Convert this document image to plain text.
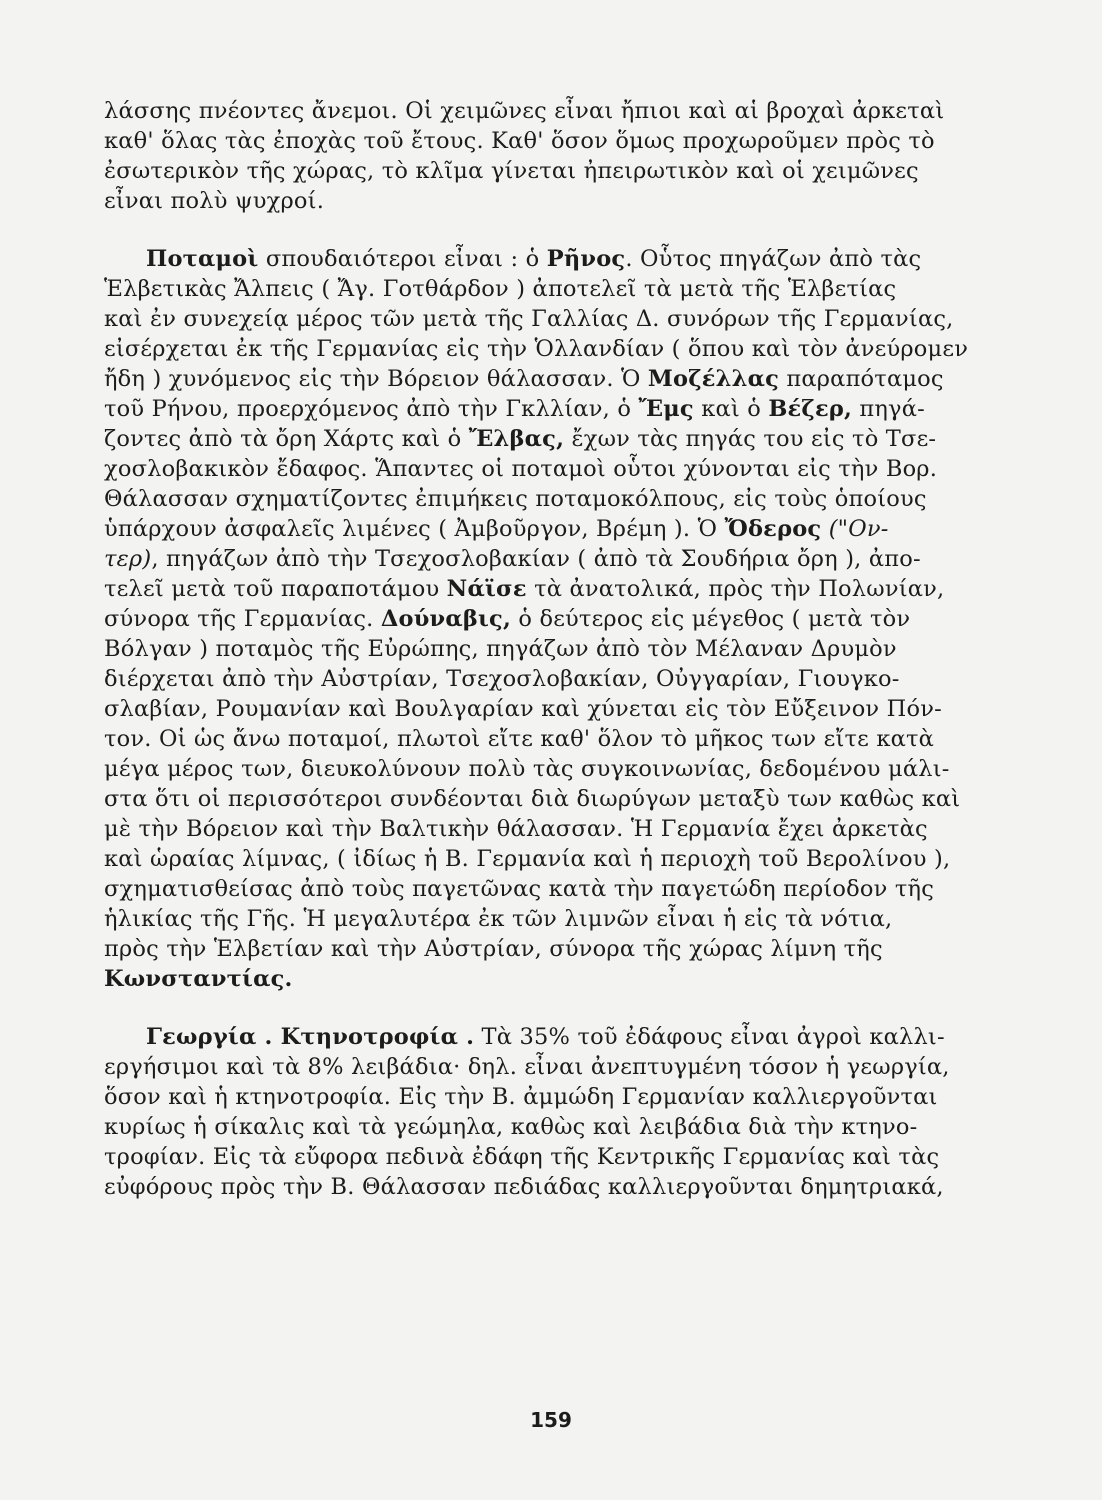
λάσσης πνέοντες ἄνεμοι. Οἱ χειμῶνες εἶναι ἤπιοι καὶ αἱ βροχαὶ ἀρκεταὶ
καθ' ὅλας τὰς ἐποχὰς τοῦ ἔτους. Καθ' ὅσον ὅμως προχωροῦμεν πρὸς τὸ
ἐσωτερικὸν τῆς χώρας, τὸ κλῖμα γίνεται ἠπειρωτικὸν καὶ οἱ χειμῶνες
εἶναι πολὺ ψυχροί.
Ποταμοὶ σπουδαιότεροι εἶναι : ὁ Ρῆνος. Οὗτος πηγάζων ἀπὸ τὰς
Ἑλβετικὰς Ἄλπεις ( Ἄγ. Γοτθάρδον ) ἀποτελεῖ τὰ μετὰ τῆς Ἑλβετίας
καὶ ἐν συνεχείᾳ μέρος τῶν μετὰ τῆς Γαλλίας Δ. συνόρων τῆς Γερμανίας,
εἰσέρχεται ἐκ τῆς Γερμανίας εἰς τὴν Ὁλλανδίαν ( ὅπου καὶ τὸν ἀνεύρομεν
ἤδη ) χυνόμενος εἰς τὴν Βόρειον θάλασσαν. Ὁ Μοζέλλας παραπόταμος
τοῦ Ρήνου, προερχόμενος ἀπὸ τὴν Γκλλίαν, ὁ Ἔμς καὶ ὁ Βέζερ, πηγά-
ζοντες ἀπὸ τὰ ὄρη Χάρτς καὶ ὁ Ἔλβας, ἔχων τὰς πηγάς του εἰς τὸ Τσε-
χοσλοβακικὸν ἔδαφος. Ἅπαντες οἱ ποταμοὶ οὗτοι χύνονται εἰς τὴν Βορ.
Θάλασσαν σχηματίζοντες ἐπιμήκεις ποταμοκόλπους, εἰς τοὺς ὁποίους
ὑπάρχουν ἀσφαλεῖς λιμένες ( Ἀμβοῦργον, Βρέμη ). Ὁ Ὄδερος ("Ον-
τερ), πηγάζων ἀπὸ τὴν Τσεχοσλοβακίαν ( ἀπὸ τὰ Σουδήρια ὄρη ), ἀπο-
τελεῖ μετὰ τοῦ παραποτάμου Νάϊσε τὰ ἀνατολικά, πρὸς τὴν Πολωνίαν,
σύνορα τῆς Γερμανίας. Δούναβις, ὁ δεύτερος εἰς μέγεθος ( μετὰ τὸν
Βόλγαν ) ποταμὸς τῆς Εὐρώπης, πηγάζων ἀπὸ τὸν Μέλαναν Δρυμὸν
διέρχεται ἀπὸ τὴν Αὐστρίαν, Τσεχοσλοβακίαν, Οὐγγαρίαν, Γιουγκο-
σλαβίαν, Ρουμανίαν καὶ Βουλγαρίαν καὶ χύνεται εἰς τὸν Εὔξεινον Πόν-
τον. Οἱ ὡς ἄνω ποταμοί, πλωτοὶ εἴτε καθ' ὅλον τὸ μῆκος των εἴτε κατὰ
μέγα μέρος των, διευκολύνουν πολὺ τὰς συγκοινωνίας, δεδομένου μάλι-
στα ὅτι οἱ περισσότεροι συνδέονται διὰ διωρύγων μεταξὺ των καθὼς καὶ
μὲ τὴν Βόρειον καὶ τὴν Βαλτικὴν θάλασσαν. Ἡ Γερμανία ἔχει ἀρκετὰς
καὶ ὡραίας λίμνας, ( ἰδίως ἡ Β. Γερμανία καὶ ἡ περιοχὴ τοῦ Βερολίνου ),
σχηματισθείσας ἀπὸ τοὺς παγετῶνας κατὰ τὴν παγετώδη περίοδον τῆς
ἡλικίας τῆς Γῆς. Ἡ μεγαλυτέρα ἐκ τῶν λιμνῶν εἶναι ἡ εἰς τὰ νότια,
πρὸς τὴν Ἑλβετίαν καὶ τὴν Αὐστρίαν, σύνορα τῆς χώρας λίμνη τῆς
Κωνσταντίας.
Γεωργία . Κτηνοτροφία . Τὰ 35% τοῦ ἐδάφους εἶναι ἀγροὶ καλλι-
εργήσιμοι καὶ τὰ 8% λειβάδια· δηλ. εἶναι ἀνεπτυγμένη τόσον ἡ γεωργία,
ὅσον καὶ ἡ κτηνοτροφία. Εἰς τὴν Β. ἀμμώδη Γερμανίαν καλλιεργοῦνται
κυρίως ἡ σίκαλις καὶ τὰ γεώμηλα, καθὼς καὶ λειβάδια διὰ τὴν κτηνο-
τροφίαν. Εἰς τὰ εὔφορα πεδινὰ ἐδάφη τῆς Κεντρικῆς Γερμανίας καὶ τὰς
εὐφόρους πρὸς τὴν Β. Θάλασσαν πεδιάδας καλλιεργοῦνται δημητριακά,
159
